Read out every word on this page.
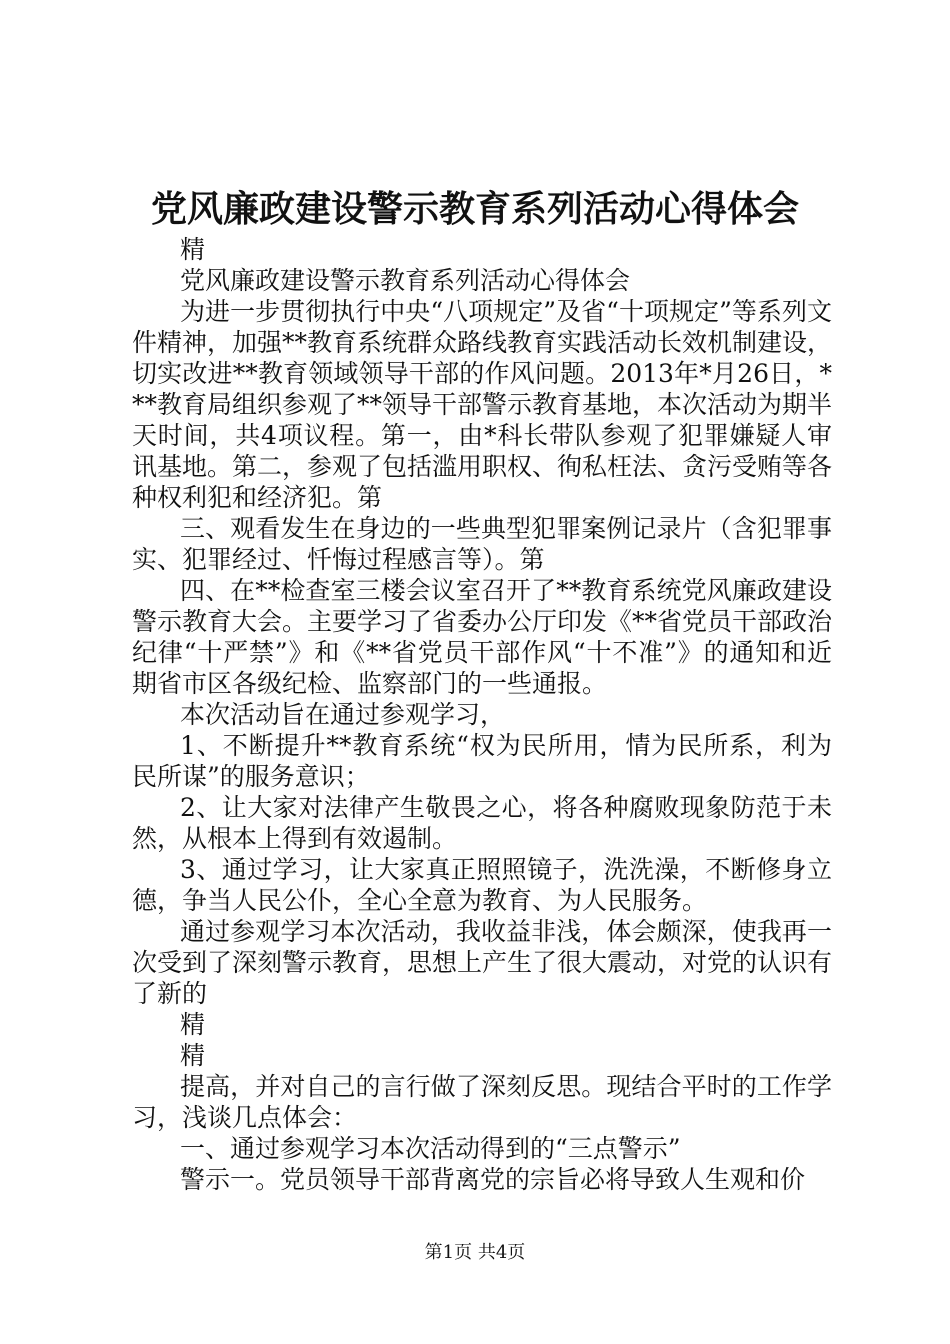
党风廉政建设警示教育系列活动心得体会

精

党风廉政建设警示教育系列活动心得体会

为进一步贯彻执行中央“八项规定”及省“十项规定”等系列文件精神，加强**教育系统群众路线教育实践活动长效机制建设，切实改进**教育领域领导干部的作风问题。2013年*月26日，***教育局组织参观了**领导干部警示教育基地，本次活动为期半天时间，共4项议程。第一，由*科长带队参观了犯罪嫌疑人审讯基地。第二，参观了包括滥用职权、徇私枉法、贪污受贿等各种权利犯和经济犯。第

三、观看发生在身边的一些典型犯罪案例记录片（含犯罪事实、犯罪经过、忏悔过程感言等）。第

四、在**检查室三楼会议室召开了**教育系统党风廉政建设警示教育大会。主要学习了省委办公厅印发《**省党员干部政治纪律“十严禁”》和《**省党员干部作风“十不准”》的通知和近期省市区各级纪检、监察部门的一些通报。

本次活动旨在通过参观学习，

1、不断提升**教育系统“权为民所用，情为民所系，利为民所谋”的服务意识；

2、让大家对法律产生敬畏之心，将各种腐败现象防范于未然，从根本上得到有效遏制。

3、通过学习，让大家真正照照镜子，洗洗澡，不断修身立德，争当人民公仆，全心全意为教育、为人民服务。

通过参观学习本次活动，我收益非浅，体会颇深，使我再一次受到了深刻警示教育，思想上产生了很大震动，对党的认识有了新的

精

精

提高，并对自己的言行做了深刻反思。现结合平时的工作学习，浅谈几点体会：

一、通过参观学习本次活动得到的“三点警示”

警示一。党员领导干部背离党的宗旨必将导致人生观和价

第1页 共4页
